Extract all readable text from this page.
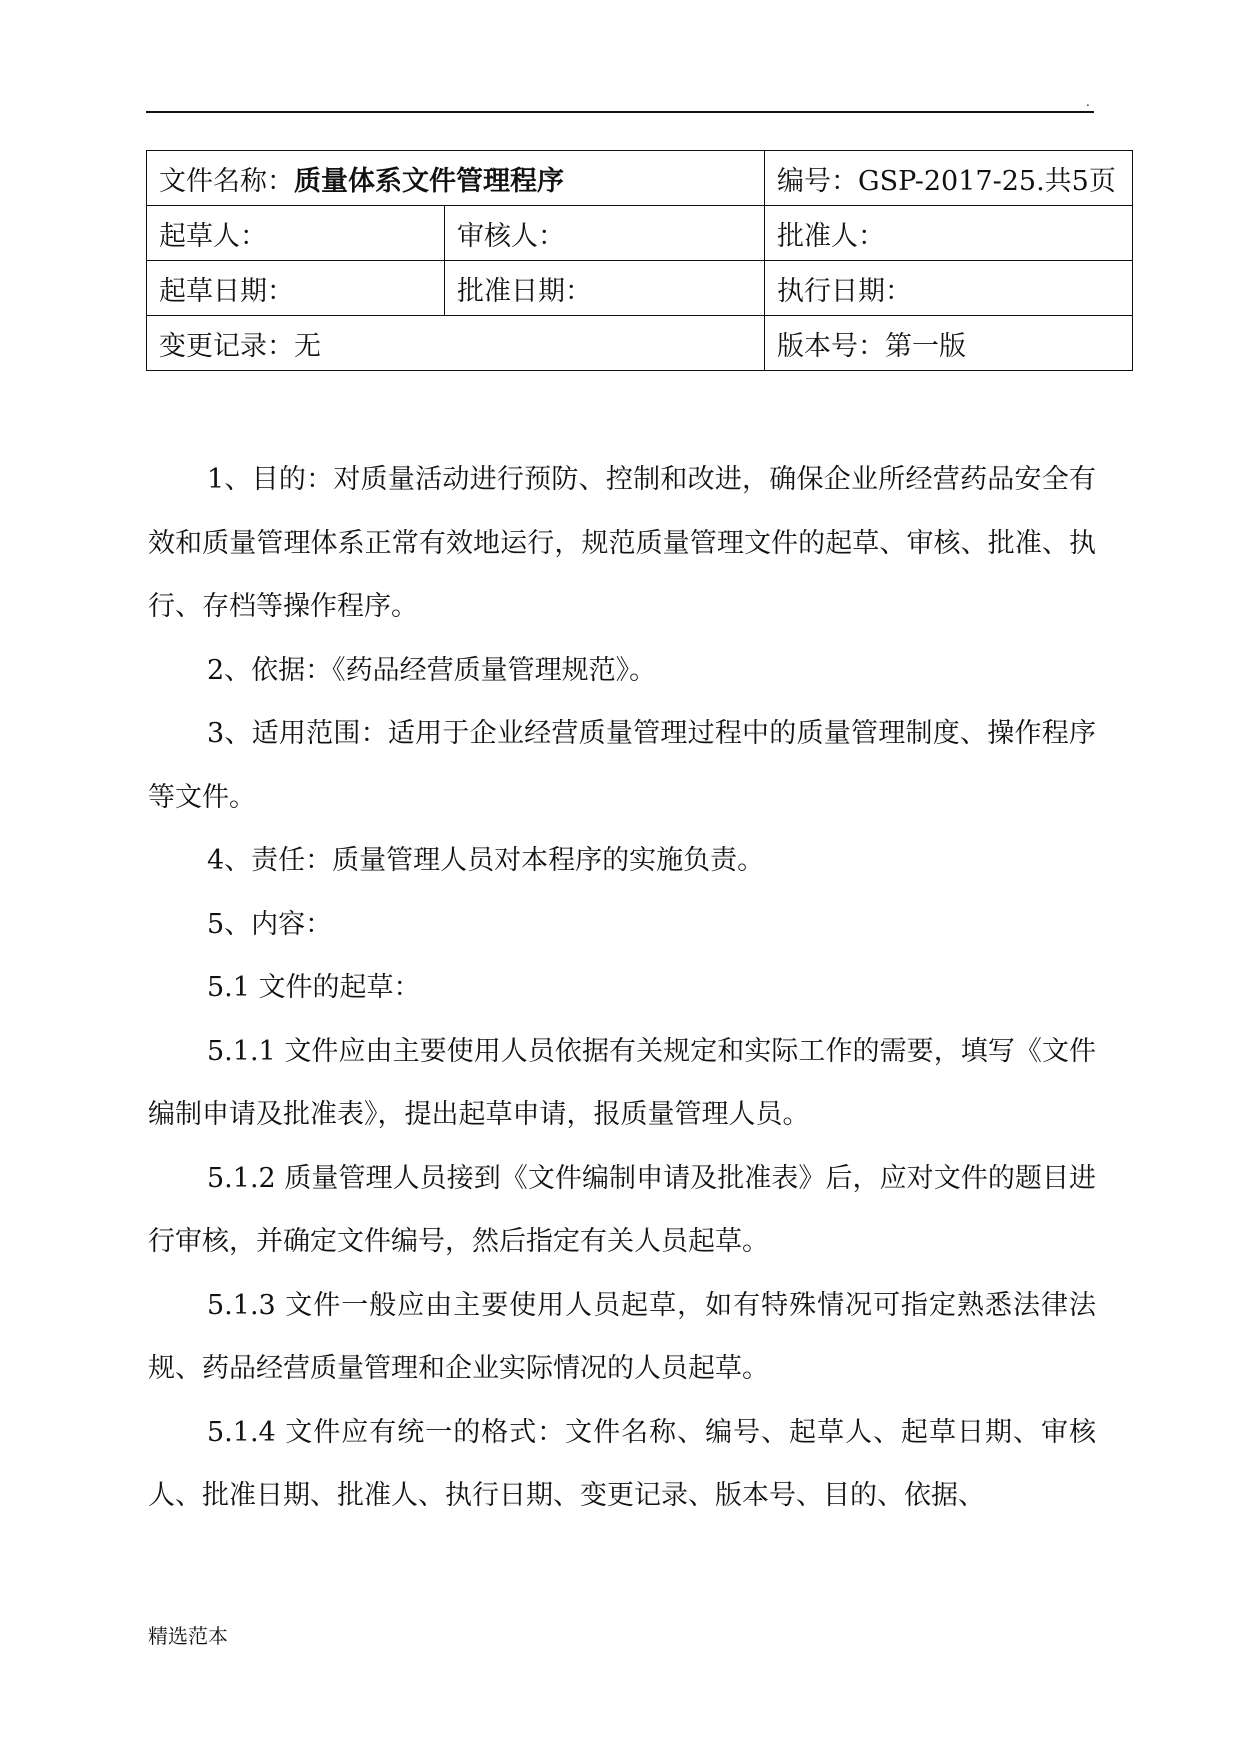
.
文件名称：质量体系文件管理程序		编号：GSP-2017-25.共5页
起草人：	审核人：	批准人：
起草日期：	批准日期：	执行日期：
变更记录：无		版本号：第一版

1、目的：对质量活动进行预防、控制和改进，确保企业所经营药品安全有效和质量管理体系正常有效地运行，规范质量管理文件的起草、审核、批准、执行、存档等操作程序。

2、依据：《药品经营质量管理规范》。

3、适用范围：适用于企业经营质量管理过程中的质量管理制度、操作程序等文件。

4、责任：质量管理人员对本程序的实施负责。

5、内容：

5.1 文件的起草：

5.1.1 文件应由主要使用人员依据有关规定和实际工作的需要，填写《文件编制申请及批准表》，提出起草申请，报质量管理人员。

5.1.2 质量管理人员接到《文件编制申请及批准表》后，应对文件的题目进行审核，并确定文件编号，然后指定有关人员起草。

5.1.3 文件一般应由主要使用人员起草，如有特殊情况可指定熟悉法律法规、药品经营质量管理和企业实际情况的人员起草。

5.1.4 文件应有统一的格式：文件名称、编号、起草人、起草日期、审核人、批准日期、批准人、执行日期、变更记录、版本号、目的、依据、

精选范本
